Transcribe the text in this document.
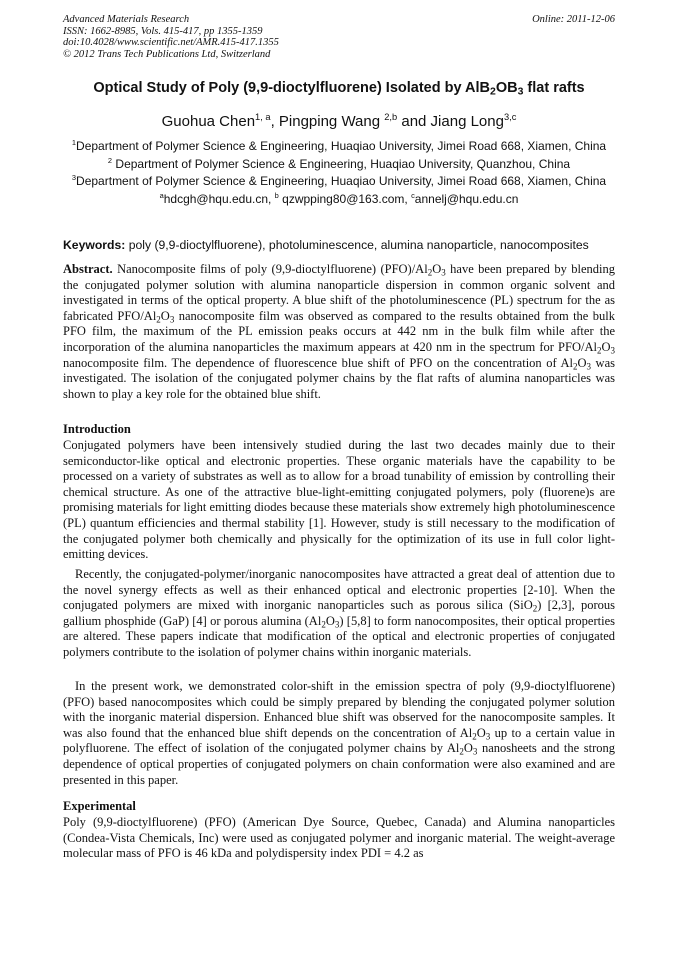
Advanced Materials Research
ISSN: 1662-8985, Vols. 415-417, pp 1355-1359
doi:10.4028/www.scientific.net/AMR.415-417.1355
© 2012 Trans Tech Publications Ltd, Switzerland
Online: 2011-12-06
Optical Study of Poly (9,9-dioctylfluorene) Isolated by $AlB_2OB_3$ flat rafts
Guohua Chen$^{1, a}$, Pingping Wang $^{2,b}$ and Jiang Long$^{3,c}$
$^1$Department of Polymer Science & Engineering, Huaqiao University, Jimei Road 668, Xiamen, China
$^2$ Department of Polymer Science & Engineering, Huaqiao University, Quanzhou, China
$^3$Department of Polymer Science & Engineering, Huaqiao University, Jimei Road 668, Xiamen, China
$^a$hdcgh@hqu.edu.cn, $^b$ qzwpping80@163.com, $^c$annelj@hqu.edu.cn
Keywords: poly (9,9-dioctylfluorene), photoluminescence, alumina nanoparticle, nanocomposites
Abstract. Nanocomposite films of poly (9,9-dioctylfluorene) $(PFO)/Al_2O_3$ have been prepared by blending the conjugated polymer solution with alumina nanoparticle dispersion in common organic solvent and investigated in terms of the optical property. A blue shift of the photoluminescence (PL) spectrum for the as fabricated PFO/$Al_2O_3$ nanocomposite film was observed as compared to the results obtained from the bulk PFO film, the maximum of the PL emission peaks occurs at 442 nm in the bulk film while after the incorporation of the alumina nanoparticles the maximum appears at 420 nm in the spectrum for PFO/$Al_2O_3$ nanocomposite film. The dependence of fluorescence blue shift of PFO on the concentration of $Al_2O_3$ was investigated. The isolation of the conjugated polymer chains by the flat rafts of alumina nanoparticles was shown to play a key role for the obtained blue shift.
Introduction
Conjugated polymers have been intensively studied during the last two decades mainly due to their semiconductor-like optical and electronic properties. These organic materials have the capability to be processed on a variety of substrates as well as to allow for a broad tunability of emission by controlling their chemical structure. As one of the attractive blue-light-emitting conjugated polymers, poly (fluorene)s are promising materials for light emitting diodes because these materials show extremely high photoluminescence (PL) quantum efficiencies and thermal stability [1]. However, study is still necessary to the modification of the conjugated polymer both chemically and physically for the optimization of its use in full color light-emitting devices.
Recently, the conjugated-polymer/inorganic nanocomposites have attracted a great deal of attention due to the novel synergy effects as well as their enhanced optical and electronic properties [2-10]. When the conjugated polymers are mixed with inorganic nanoparticles such as porous silica (SiO$_2$) [2,3], porous gallium phosphide (GaP) [4] or porous alumina $(Al_2O_3)$ [5,8] to form nanocomposites, their optical properties are altered. These papers indicate that modification of the optical and electronic properties of conjugated polymers contribute to the isolation of polymer chains within inorganic materials.
In the present work, we demonstrated color-shift in the emission spectra of poly (9,9-dioctylfluorene) (PFO) based nanocomposites which could be simply prepared by blending the conjugated polymer solution with the inorganic material dispersion. Enhanced blue shift was observed for the nanocomposite samples. It was also found that the enhanced blue shift depends on the concentration of $Al_2O_3$ up to a certain value in polyfluorene. The effect of isolation of the conjugated polymer chains by $Al_2O_3$ nanosheets and the strong dependence of optical properties of conjugated polymers on chain conformation were also examined and are presented in this paper.
Experimental
Poly (9,9-dioctylfluorene) (PFO) (American Dye Source, Quebec, Canada) and Alumina nanoparticles (Condea-Vista Chemicals, Inc) were used as conjugated polymer and inorganic material. The weight-average molecular mass of PFO is 46 kDa and polydispersity index PDI = 4.2 as
